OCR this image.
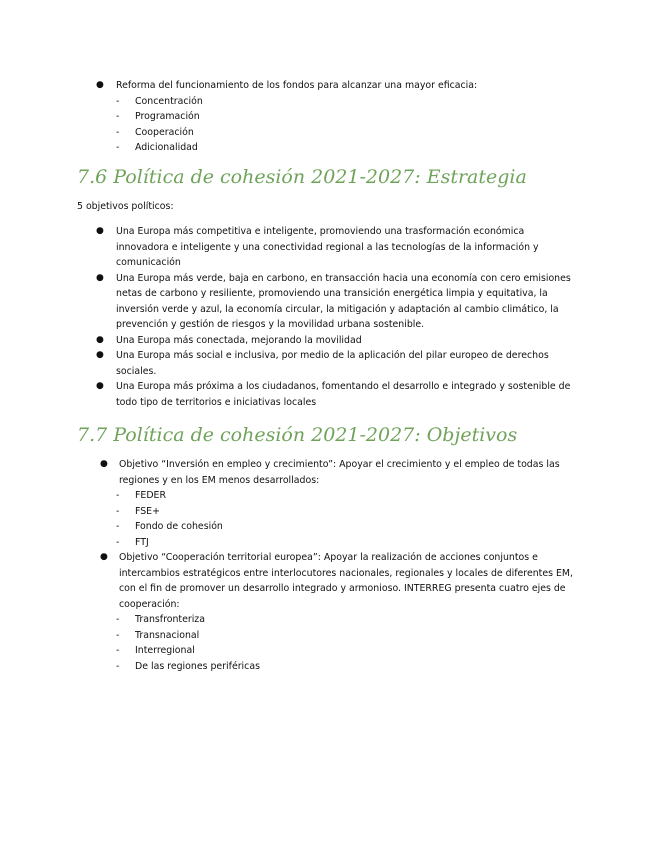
● Reforma del funcionamiento de los fondos para alcanzar una mayor eficacia:
- Concentración
- Programación
- Cooperación
- Adicionalidad
7.6 Política de cohesión 2021-2027: Estrategia
5 objetivos políticos:
● Una Europa más competitiva e inteligente, promoviendo una trasformación económica innovadora e inteligente y una conectividad regional a las tecnologías de la información y comunicación
● Una Europa más verde, baja en carbono, en transacción hacia una economía con cero emisiones netas de carbono y resiliente, promoviendo una transición energética limpia y equitativa, la inversión verde y azul, la economía circular, la mitigación y adaptación al cambio climático, la prevención y gestión de riesgos y la movilidad urbana sostenible.
● Una Europa más conectada, mejorando la movilidad
● Una Europa más social e inclusiva, por medio de la aplicación del pilar europeo de derechos sociales.
● Una Europa más próxima a los ciudadanos, fomentando el desarrollo e integrado y sostenible de todo tipo de territorios e iniciativas locales
7.7 Política de cohesión 2021-2027: Objetivos
● Objetivo “Inversión en empleo y crecimiento”: Apoyar el crecimiento y el empleo de todas las regiones y en los EM menos desarrollados:
- FEDER
- FSE+
- Fondo de cohesión
- FTJ
● Objetivo “Cooperación territorial europea”: Apoyar la realización de acciones conjuntos e intercambios estratégicos entre interlocutores nacionales, regionales y locales de diferentes EM, con el fin de promover un desarrollo integrado y armonioso. INTERREG presenta cuatro ejes de cooperación:
- Transfronteriza
- Transnacional
- Interregional
- De las regiones periféricas
